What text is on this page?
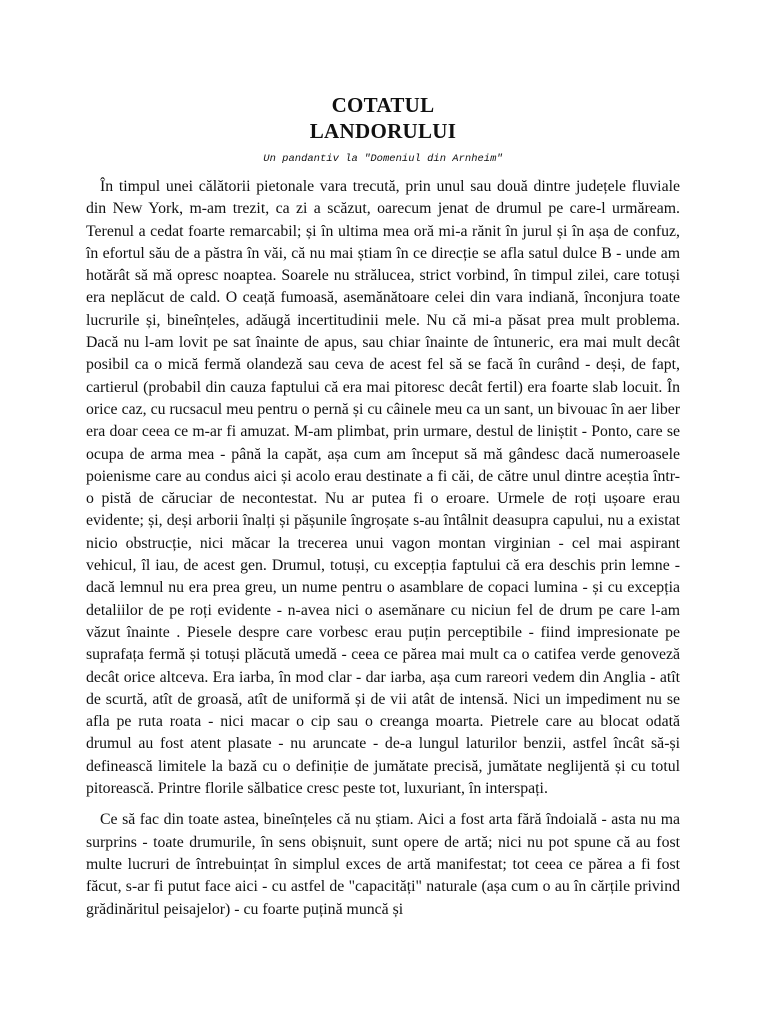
COTATUL
LANDORULUI

Un pandantiv la "Domeniul din Arnheim"

În timpul unei călătorii pietonale vara trecută, prin unul sau două dintre județele fluviale din New York, m-am trezit, ca zi a scăzut, oarecum jenat de drumul pe care-l urmăream. Terenul a cedat foarte remarcabil; și în ultima mea oră mi-a rănit în jurul și în așa de confuz, în efortul său de a păstra în văi, că nu mai știam în ce direcție se afla satul dulce B - unde am hotărât să mă opresc noaptea. Soarele nu strălucea, strict vorbind, în timpul zilei, care totuși era neplăcut de cald. O ceață fumoasă, asemănătoare celei din vara indiană, înconjura toate lucrurile și, bineînțeles, adăugă incertitudinii mele. Nu că mi-a păsat prea mult problema. Dacă nu l-am lovit pe sat înainte de apus, sau chiar înainte de întuneric, era mai mult decât posibil ca o mică fermă olandeză sau ceva de acest fel să se facă în curând - deși, de fapt, cartierul (probabil din cauza faptului că era mai pitoresc decât fertil) era foarte slab locuit. În orice caz, cu rucsacul meu pentru o pernă și cu câinele meu ca un sant, un bivouac în aer liber era doar ceea ce m-ar fi amuzat. M-am plimbat, prin urmare, destul de liniștit - Ponto, care se ocupa de arma mea - până la capăt, așa cum am început să mă gândesc dacă numeroasele poienisme care au condus aici și acolo erau destinate a fi căi, de către unul dintre aceștia într-o pistă de căruciar de necontestat. Nu ar putea fi o eroare. Urmele de roți ușoare erau evidente; și, deși arborii înalți și pășunile îngroșate s-au întâlnit deasupra capului, nu a existat nicio obstrucție, nici măcar la trecerea unui vagon montan virginian - cel mai aspirant vehicul, îl iau, de acest gen. Drumul, totuși, cu excepția faptului că era deschis prin lemne - dacă lemnul nu era prea greu, un nume pentru o asamblare de copaci lumina - și cu excepția detaliilor de pe roți evidente - n-avea nici o asemănare cu niciun fel de drum pe care l-am văzut înainte . Piesele despre care vorbesc erau puțin perceptibile - fiind impresionate pe suprafața fermă și totuși plăcută umedă - ceea ce părea mai mult ca o catifea verde genoveză decât orice altceva. Era iarba, în mod clar - dar iarba, așa cum rareori vedem din Anglia - atît de scurtă, atît de groasă, atît de uniformă și de vii atât de intensă. Nici un impediment nu se afla pe ruta roata - nici macar o cip sau o creanga moarta. Pietrele care au blocat odată drumul au fost atent plasate - nu aruncate - de-a lungul laturilor benzii, astfel încât să-și definească limitele la bază cu o definiție de jumătate precisă, jumătate neglijentă și cu totul pitorească. Printre florile sălbatice cresc peste tot, luxuriant, în interspați.

Ce să fac din toate astea, bineînțeles că nu știam. Aici a fost arta fără îndoială - asta nu ma surprins - toate drumurile, în sens obișnuit, sunt opere de artă; nici nu pot spune că au fost multe lucruri de întrebuințat în simplul exces de artă manifestat; tot ceea ce părea a fi fost făcut, s-ar fi putut face aici - cu astfel de "capacități" naturale (așa cum o au în cărțile privind grădinăritul peisajelor) - cu foarte puțină muncă și
